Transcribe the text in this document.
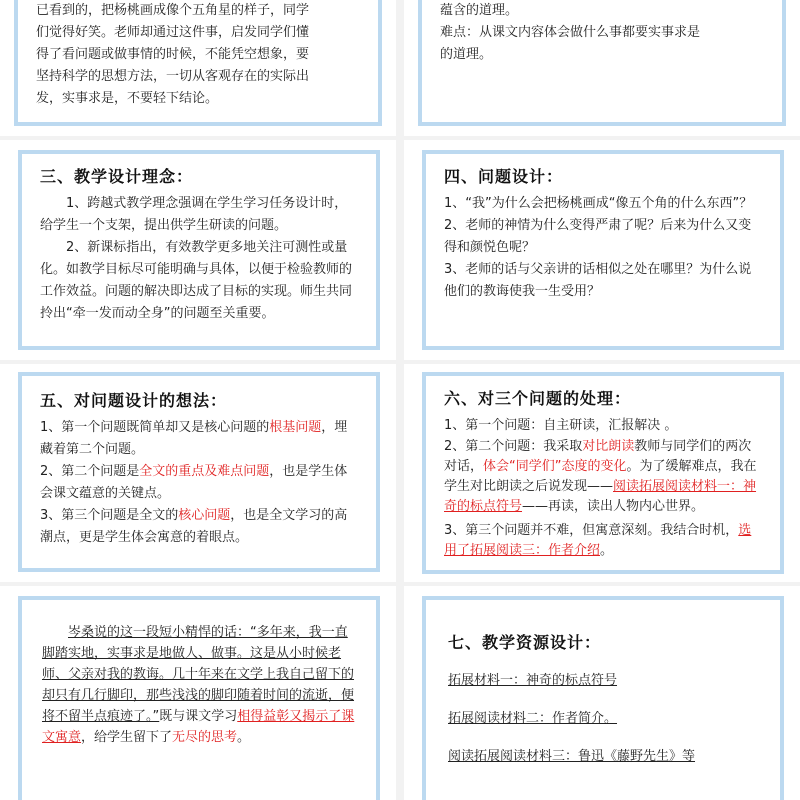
已看到的，把杨桃画成像个五角星的样子，同学

们觉得好笑。老师却通过这件事，启发同学们懂

得了看问题或做事情的时候，不能凭空想象，要

坚持科学的思想方法，一切从客观存在的实际出

发，实事求是，不要轻下结论。

蕴含的道理。

难点：从课文内容体会做什么事都要实事求是

的道理。

三、教学设计理念：

1、跨越式教学理念强调在学生学习任务设计时，给学生一个支架，提出供学生研读的问题。

2、新课标指出，有效教学更多地关注可测性或量化。如教学目标尽可能明确与具体，以便于检验教师的工作效益。问题的解决即达成了目标的实现。师生共同拎出“牵一发而动全身”的问题至关重要。

四、问题设计：

1、“我”为什么会把杨桃画成“像五个角的什么东西”？

2、老师的神情为什么变得严肃了呢？后来为什么又变得和颜悦色呢？

3、老师的话与父亲讲的话相似之处在哪里？为什么说他们的教诲使我一生受用？

五、对问题设计的想法：

1、第一个问题既简单却又是核心问题的根基问题，埋藏着第二个问题。

2、第二个问题是全文的重点及难点问题，也是学生体会课文蕴意的关键点。

3、第三个问题是全文的核心问题，也是全文学习的高潮点，更是学生体会寓意的着眼点。

六、对三个问题的处理：

1、第一个问题：自主研读，汇报解决 。

2、第二个问题：我采取对比朗读教师与同学们的两次对话，体会“同学们”态度的变化。为了缓解难点，我在学生对比朗读之后说发现——阅读拓展阅读材料一：神奇的标点符号——再读，读出人物内心世界。

3、第三个问题并不难，但寓意深刻。我结合时机，选用了拓展阅读三：作者介绍。

岑桑说的这一段短小精悍的话：“多年来，我一直脚踏实地，实事求是地做人、做事。这是从小时候老师、父亲对我的教诲。几十年来在文学上我自己留下的却只有几行脚印，那些浅浅的脚印随着时间的流逝，便将不留半点痕迹了。”既与课文学习相得益彰又揭示了课文寓意，给学生留下了无尽的思考。

七、教学资源设计：

拓展材料一：神奇的标点符号

拓展阅读材料二：作者简介。

阅读拓展阅读材料三：鲁迅《藤野先生》等
